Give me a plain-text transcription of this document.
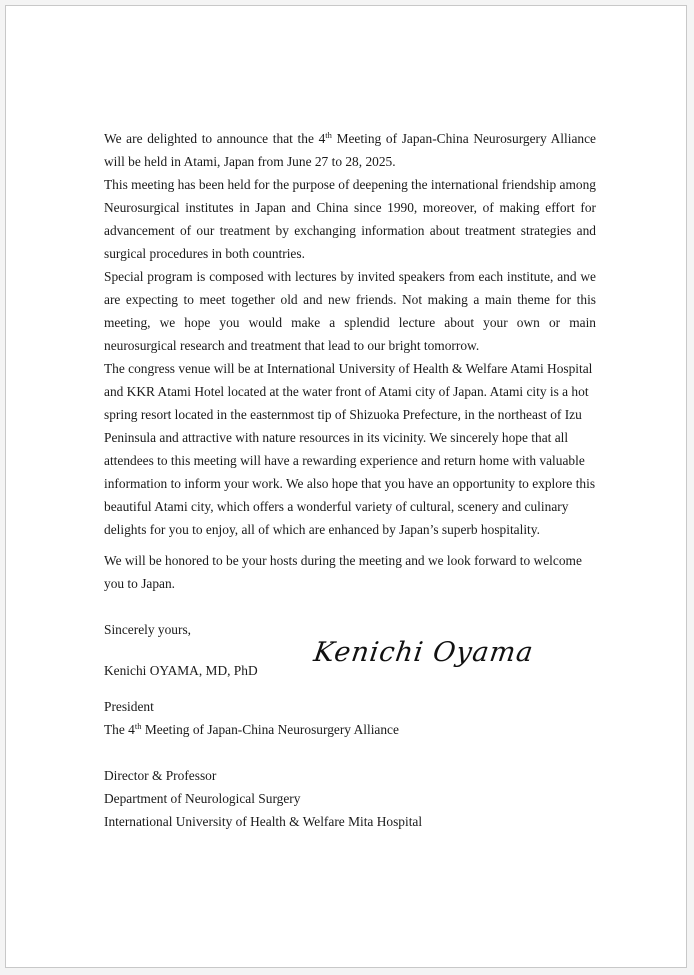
We are delighted to announce that the 4th Meeting of Japan-China Neurosurgery Alliance will be held in Atami, Japan from June 27 to 28, 2025.

This meeting has been held for the purpose of deepening the international friendship among Neurosurgical institutes in Japan and China since 1990, moreover, of making effort for advancement of our treatment by exchanging information about treatment strategies and surgical procedures in both countries.

Special program is composed with lectures by invited speakers from each institute, and we are expecting to meet together old and new friends. Not making a main theme for this meeting, we hope you would make a splendid lecture about your own or main neurosurgical research and treatment that lead to our bright tomorrow.

The congress venue will be at International University of Health & Welfare Atami Hospital and KKR Atami Hotel located at the water front of Atami city of Japan. Atami city is a hot spring resort located in the easternmost tip of Shizuoka Prefecture, in the northeast of Izu Peninsula and attractive with nature resources in its vicinity. We sincerely hope that all attendees to this meeting will have a rewarding experience and return home with valuable information to inform your work. We also hope that you have an opportunity to explore this beautiful Atami city, which offers a wonderful variety of cultural, scenery and culinary delights for you to enjoy, all of which are enhanced by Japan’s superb hospitality.

We will be honored to be your hosts during the meeting and we look forward to welcome you to Japan.

Sincerely yours,

Kenichi OYAMA, MD, PhD
Kenichi Oyama

President

The 4th Meeting of Japan-China Neurosurgery Alliance

Director & Professor

Department of Neurological Surgery

International University of Health & Welfare Mita Hospital
